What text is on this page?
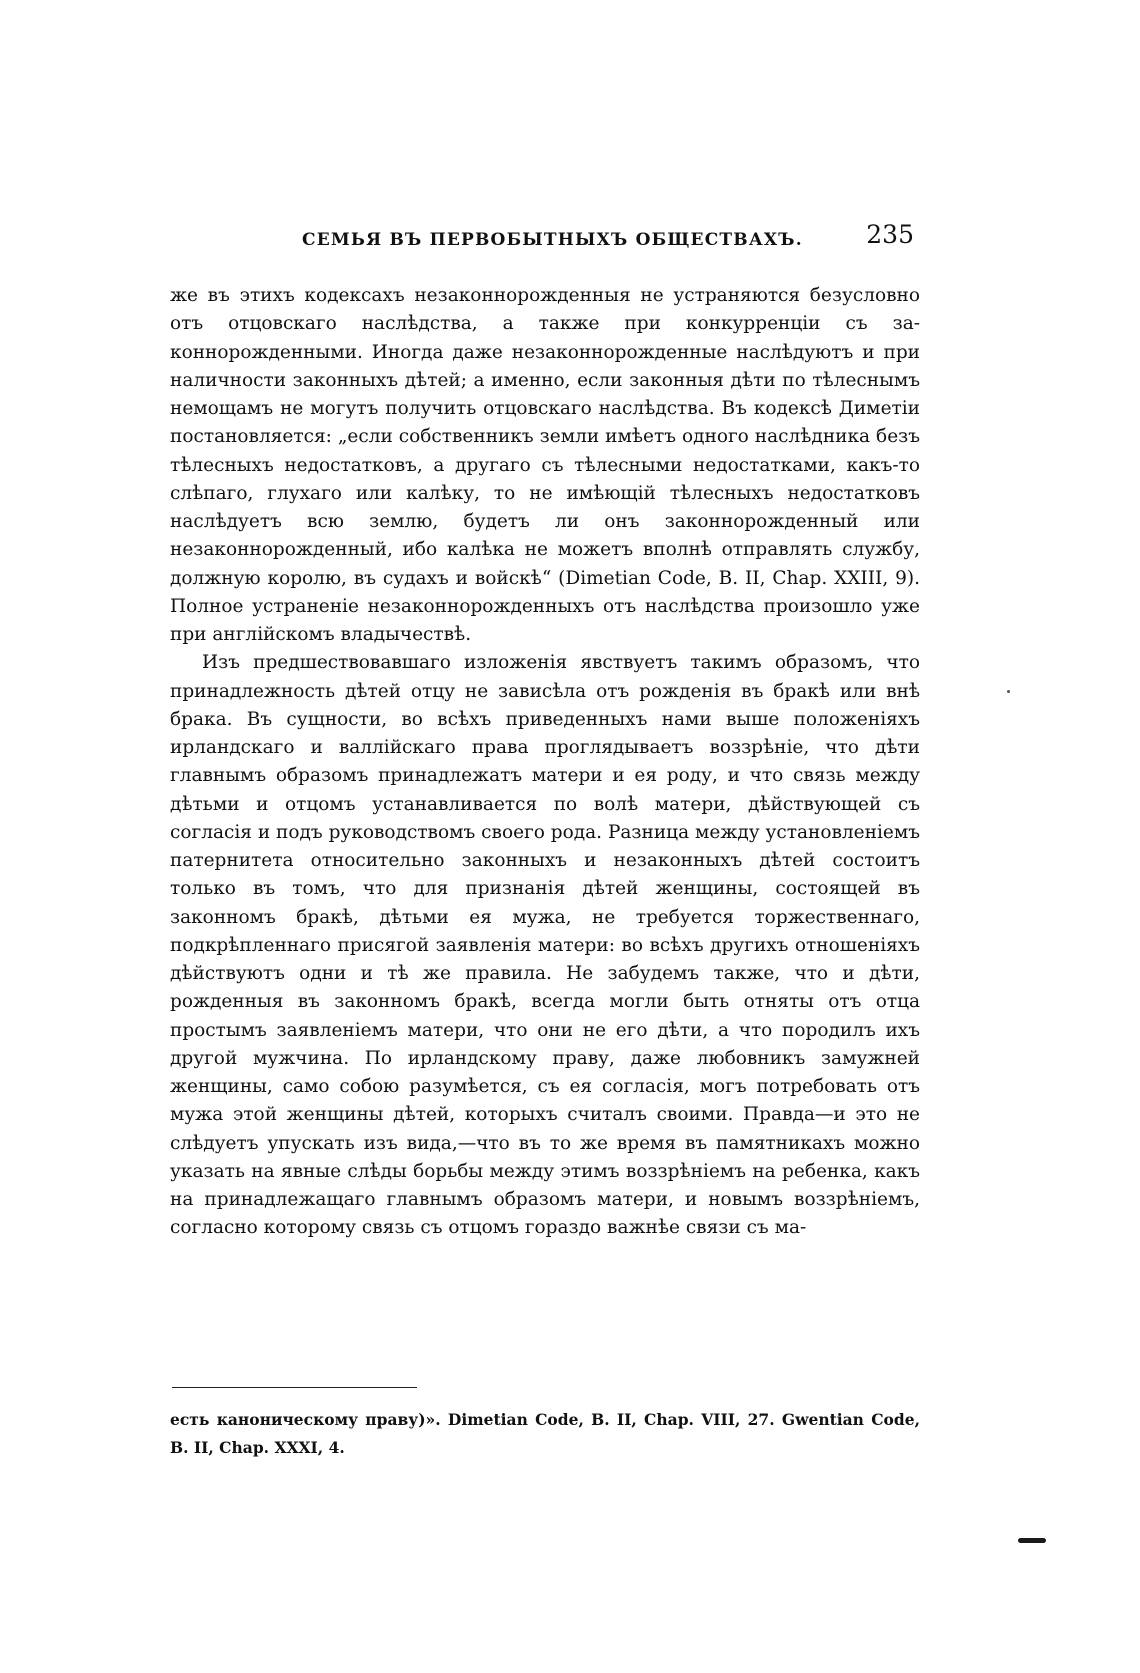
СЕМЬЯ ВЪ ПЕРВОБЫТНЫХЪ ОБЩЕСТВАХЪ.	235

же въ этихъ кодексахъ незаконнорожденныя не устраняются безусловно отъ отцовскаго наслѣдства, а также при конкурренціи съ законнорожденными. Иногда даже незаконнорожденные наслѣдуютъ и при наличности законныхъ дѣтей; а именно, если законныя дѣти по тѣлеснымъ немощамъ не могутъ получить отцовскаго наслѣдства. Въ кодексѣ Диметіи постановляется: „если собственникъ земли имѣетъ одного наслѣдника безъ тѣлесныхъ недостатковъ, а другаго съ тѣлесными недостатками, какъ-то слѣпаго, глухаго или калѣку, то не имѣющій тѣлесныхъ недостатковъ наслѣдуетъ всю землю, будетъ ли онъ законнорожденный или незаконнорожденный, ибо калѣка не можетъ вполнѣ отправлять службу, должную королю, въ судахъ и войскѣ“ (Dimetian Code, B. II, Chap. XXIII, 9). Полное устраненіе незаконнорожденныхъ отъ наслѣдства произошло уже при англійскомъ владычествѣ.

Изъ предшествовавшаго изложенія явствуетъ такимъ образомъ, что принадлежность дѣтей отцу не зависѣла отъ рожденія въ бракѣ или внѣ брака. Въ сущности, во всѣхъ приведенныхъ нами выше положеніяхъ ирландскаго и валлійскаго права проглядываетъ воззрѣніе, что дѣти главнымъ образомъ принадлежатъ матери и ея роду, и что связь между дѣтьми и отцомъ устанавливается по волѣ матери, дѣйствующей съ согласія и подъ руководствомъ своего рода. Разница между установленіемъ патернитета относительно законныхъ и незаконныхъ дѣтей состоитъ только въ томъ, что для признанія дѣтей женщины, состоящей въ законномъ бракѣ, дѣтьми ея мужа, не требуется торжественнаго, подкрѣпленнаго присягой заявленія матери: во всѣхъ другихъ отношеніяхъ дѣйствуютъ одни и тѣ же правила. Не забудемъ также, что и дѣти, рожденныя въ законномъ бракѣ, всегда могли быть отняты отъ отца простымъ заявленіемъ матери, что они не его дѣти, а что породилъ ихъ другой мужчина. По ирландскому праву, даже любовникъ замужней женщины, само собою разумѣется, съ ея согласія, могъ потребовать отъ мужа этой женщины дѣтей, которыхъ считалъ своими. Правда—и это не слѣдуетъ упускать изъ вида,—что въ то же время въ памятникахъ можно указать на явные слѣды борьбы между этимъ воззрѣніемъ на ребенка, какъ на принадлежащаго главнымъ образомъ матери, и новымъ воззрѣніемъ, согласно которому связь съ отцомъ гораздо важнѣе связи съ ма-

есть каноническому праву)». Dimetian Code, B. II, Chap. VIII, 27. Gwentian Code, B. II, Chap. XXXI, 4.
